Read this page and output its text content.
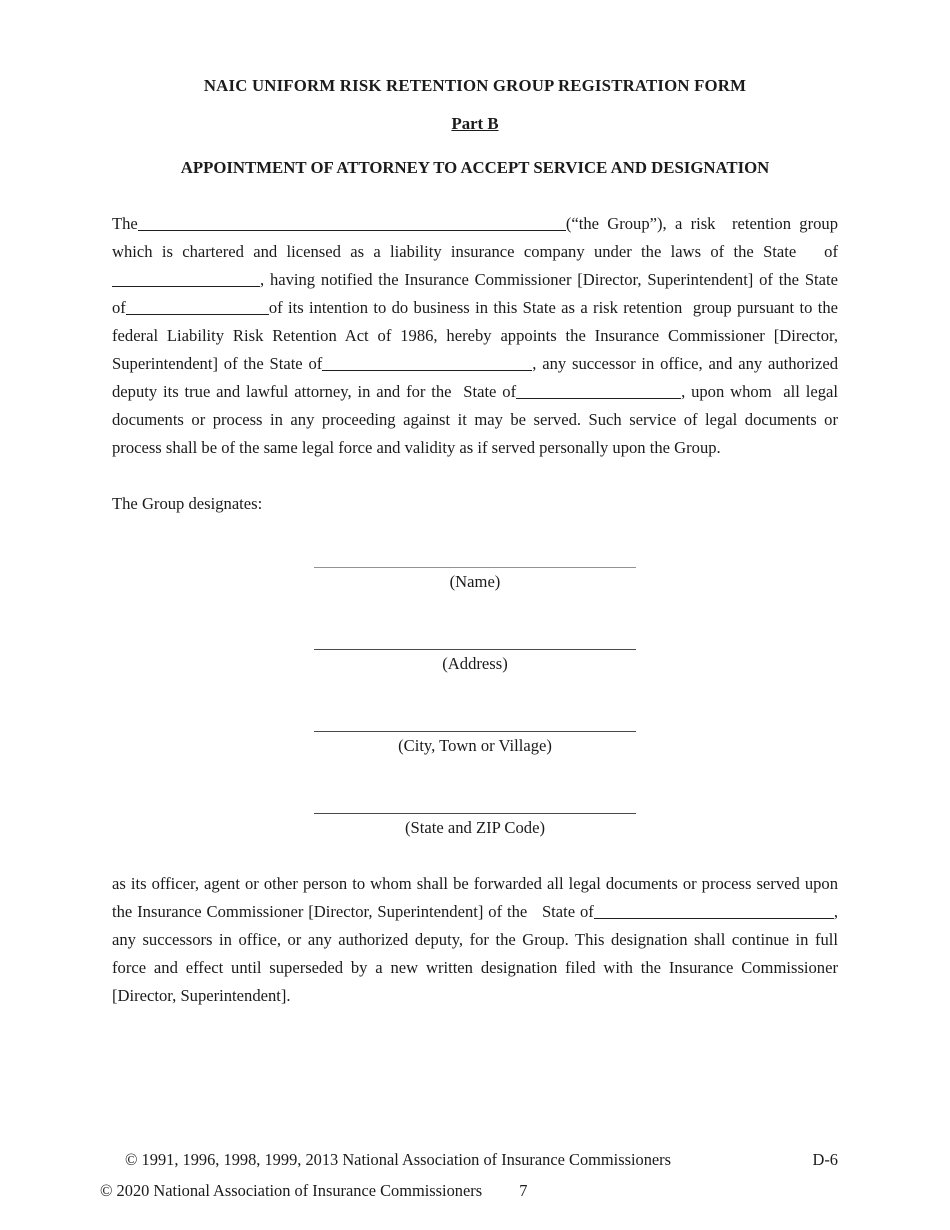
NAIC UNIFORM RISK RETENTION GROUP REGISTRATION FORM
Part B
APPOINTMENT OF ATTORNEY TO ACCEPT SERVICE AND DESIGNATION

The	(“the Group”), a risk  retention group which is chartered and licensed as a liability insurance company under the laws of the State   of , having notified the Insurance Commissioner [Director, Superintendent] of the State of	of its intention to do business in this State as a risk retention  group pursuant to the federal Liability Risk Retention Act of 1986, hereby appoints the Insurance Commissioner [Director, Superintendent] of the State of	, any successor in office, and any authorized deputy its true and lawful attorney, in and for the  State of	, upon whom  all legal documents or process in any proceeding against it may be served. Such service of legal documents or process shall be of the same legal force and validity as if served personally upon the Group.

The Group designates:

(Name)
(Address)
(City, Town or Village)
(State and ZIP Code)

as its officer, agent or other person to whom shall be forwarded all legal documents or process served upon the Insurance Commissioner [Director, Superintendent] of the   State of	, any successors in office, or any authorized deputy, for the Group. This designation shall continue in full force and effect until superseded by a new written designation filed with the Insurance Commissioner [Director, Superintendent].

© 1991, 1996, 1998, 1999, 2013 National Association of Insurance Commissioners	D-6
© 2020 National Association of Insurance Commissioners 7
